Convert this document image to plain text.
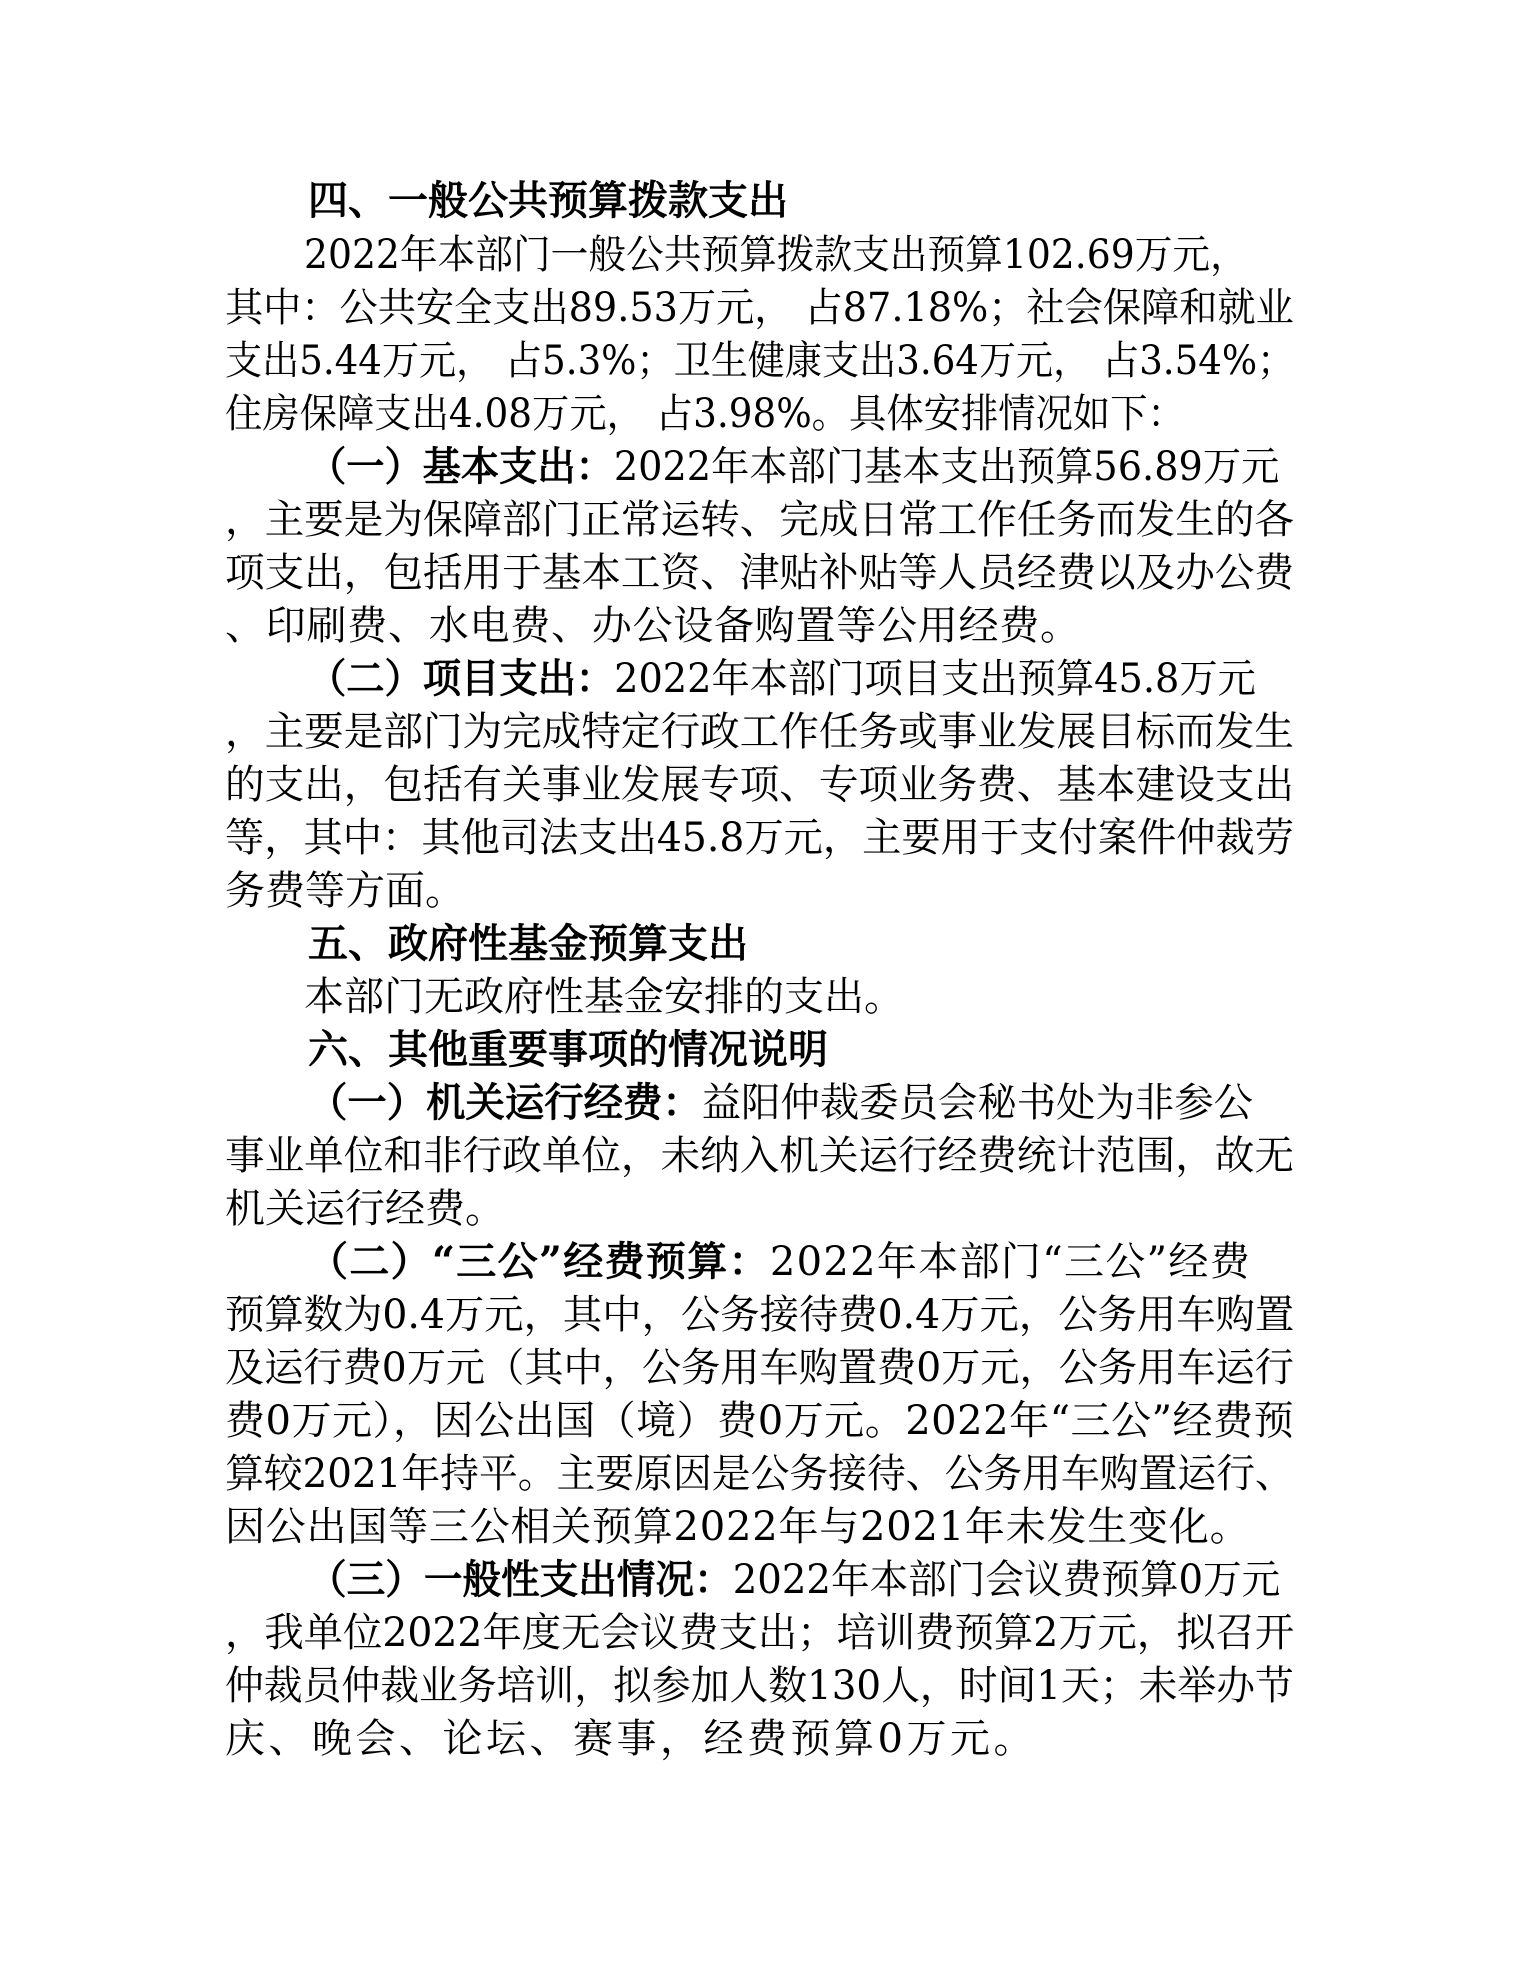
四、一般公共预算拨款支出
2022年本部门一般公共预算拨款支出预算102.69万元，
其中：公共安全支出89.53万元， 占87.18%；社会保障和就业
支出5.44万元， 占5.3%；卫生健康支出3.64万元， 占3.54%；
住房保障支出4.08万元， 占3.98%。具体安排情况如下：
（一）基本支出：2022年本部门基本支出预算56.89万元
，主要是为保障部门正常运转、完成日常工作任务而发生的各
项支出，包括用于基本工资、津贴补贴等人员经费以及办公费
、印刷费、水电费、办公设备购置等公用经费。
（二）项目支出：2022年本部门项目支出预算45.8万元
，主要是部门为完成特定行政工作任务或事业发展目标而发生
的支出，包括有关事业发展专项、专项业务费、基本建设支出
等，其中：其他司法支出45.8万元，主要用于支付案件仲裁劳
务费等方面。
五、政府性基金预算支出
本部门无政府性基金安排的支出。
六、其他重要事项的情况说明
（一）机关运行经费：益阳仲裁委员会秘书处为非参公
事业单位和非行政单位，未纳入机关运行经费统计范围，故无
机关运行经费。
（二）“三公”经费预算：2022年本部门“三公”经费
预算数为0.4万元，其中，公务接待费0.4万元，公务用车购置
及运行费0万元（其中，公务用车购置费0万元，公务用车运行
费0万元），因公出国（境）费0万元。2022年“三公”经费预
算较2021年持平。主要原因是公务接待、公务用车购置运行、
因公出国等三公相关预算2022年与2021年未发生变化。
（三）一般性支出情况：2022年本部门会议费预算0万元
，我单位2022年度无会议费支出；培训费预算2万元，拟召开
仲裁员仲裁业务培训，拟参加人数130人，时间1天；未举办节
庆、晚会、论坛、赛事，经费预算0万元。
